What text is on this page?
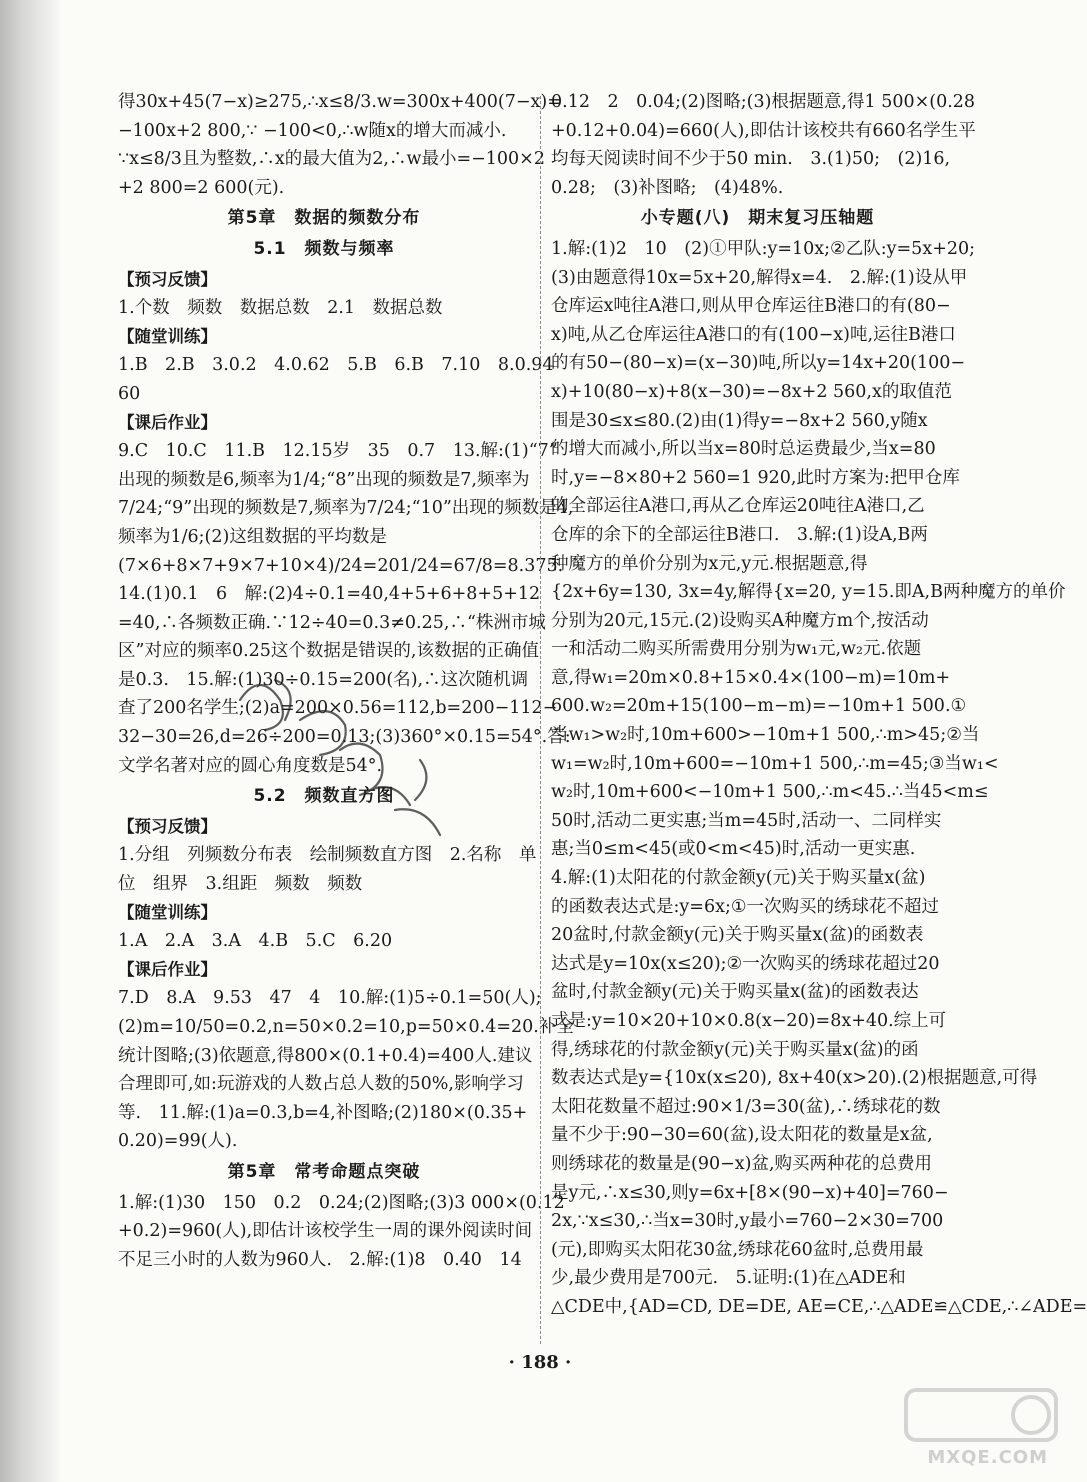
得30x+45(7−x)≥275,∴x≤8/3.w=300x+400(7−x)=
−100x+2 800,∵ −100<0,∴w随x的增大而减小.
∵x≤8/3且为整数,∴x的最大值为2,∴w最小=−100×2
+2 800=2 600(元).
第5章　数据的频数分布
5.1　频数与频率
【预习反馈】
1.个数　频数　数据总数　2.1　数据总数
【随堂训练】
1.B　2.B　3.0.2　4.0.62　5.B　6.B　7.10　8.0.94
60
【课后作业】
9.C　10.C　11.B　12.15岁　35　0.7　13.解:(1)“7”
出现的频数是6,频率为1/4;“8”出现的频数是7,频率为
7/24;“9”出现的频数是7,频率为7/24;“10”出现的频数是4,
频率为1/6;(2)这组数据的平均数是
(7×6+8×7+9×7+10×4)/24=201/24=67/8=8.375.
14.(1)0.1　6　解:(2)4÷0.1=40,4+5+6+8+5+12
=40,∴各频数正确.∵12÷40=0.3≠0.25,∴“株洲市城
区”对应的频率0.25这个数据是错误的,该数据的正确值
是0.3.　15.解:(1)30÷0.15=200(名),∴这次随机调
查了200名学生;(2)a=200×0.56=112,b=200−112−
32−30=26,d=26÷200=0.13;(3)360°×0.15=54°.答:
文学名著对应的圆心角度数是54°.
5.2　频数直方图
【预习反馈】
1.分组　列频数分布表　绘制频数直方图　2.名称　单
位　组界　3.组距　频数　频数
【随堂训练】
1.A　2.A　3.A　4.B　5.C　6.20
【课后作业】
7.D　8.A　9.53　47　4　10.解:(1)5÷0.1=50(人);
(2)m=10/50=0.2,n=50×0.2=10,p=50×0.4=20.补全
统计图略;(3)依题意,得800×(0.1+0.4)=400人.建议
合理即可,如:玩游戏的人数占总人数的50%,影响学习
等.　11.解:(1)a=0.3,b=4,补图略;(2)180×(0.35+
0.20)=99(人).
第5章　常考命题点突破
1.解:(1)30　150　0.2　0.24;(2)图略;(3)3 000×(0.12
+0.2)=960(人),即估计该校学生一周的课外阅读时间
不足三小时的人数为960人.　2.解:(1)8　0.40　14
0.12　2　0.04;(2)图略;(3)根据题意,得1 500×(0.28
+0.12+0.04)=660(人),即估计该校共有660名学生平
均每天阅读时间不少于50 min.　3.(1)50;　(2)16,
0.28;　(3)补图略;　(4)48%.
小专题(八)　期末复习压轴题
1.解:(1)2　10　(2)①甲队:y=10x;②乙队:y=5x+20;
(3)由题意得10x=5x+20,解得x=4.　2.解:(1)设从甲
仓库运x吨往A港口,则从甲仓库运往B港口的有(80−
x)吨,从乙仓库运往A港口的有(100−x)吨,运往B港口
的有50−(80−x)=(x−30)吨,所以y=14x+20(100−
x)+10(80−x)+8(x−30)=−8x+2 560,x的取值范
围是30≤x≤80.(2)由(1)得y=−8x+2 560,y随x
的增大而减小,所以当x=80时总运费最少,当x=80
时,y=−8×80+2 560=1 920,此时方案为:把甲仓库
的全部运往A港口,再从乙仓库运20吨往A港口,乙
仓库的余下的全部运往B港口.　3.解:(1)设A,B两
种魔方的单价分别为x元,y元.根据题意,得
{2x+6y=130, 3x=4y,解得{x=20, y=15.即A,B两种魔方的单价
分别为20元,15元.(2)设购买A种魔方m个,按活动
一和活动二购买所需费用分别为w₁元,w₂元.依题
意,得w₁=20m×0.8+15×0.4×(100−m)=10m+
600.w₂=20m+15(100−m−m)=−10m+1 500.①
当w₁>w₂时,10m+600>−10m+1 500,∴m>45;②当
w₁=w₂时,10m+600=−10m+1 500,∴m=45;③当w₁<
w₂时,10m+600<−10m+1 500,∴m<45.∴当45<m≤
50时,活动二更实惠;当m=45时,活动一、二同样实
惠;当0≤m<45(或0<m<45)时,活动一更实惠.
4.解:(1)太阳花的付款金额y(元)关于购买量x(盆)
的函数表达式是:y=6x;①一次购买的绣球花不超过
20盆时,付款金额y(元)关于购买量x(盆)的函数表
达式是y=10x(x≤20);②一次购买的绣球花超过20
盆时,付款金额y(元)关于购买量x(盆)的函数表达
式是:y=10×20+10×0.8(x−20)=8x+40.综上可
得,绣球花的付款金额y(元)关于购买量x(盆)的函
数表达式是y={10x(x≤20), 8x+40(x>20).(2)根据题意,可得
太阳花数量不超过:90×1/3=30(盆),∴绣球花的数
量不少于:90−30=60(盆),设太阳花的数量是x盆,
则绣球花的数量是(90−x)盆,购买两种花的总费用
是y元,∴x≤30,则y=6x+[8×(90−x)+40]=760−
2x,∵x≤30,∴当x=30时,y最小=760−2×30=700
(元),即购买太阳花30盆,绣球花60盆时,总费用最
少,最少费用是700元.　5.证明:(1)在△ADE和
△CDE中,{AD=CD, DE=DE, AE=CE,∴△ADE≌△CDE,∴∠ADE=
· 188 ·
MXQE.COM
